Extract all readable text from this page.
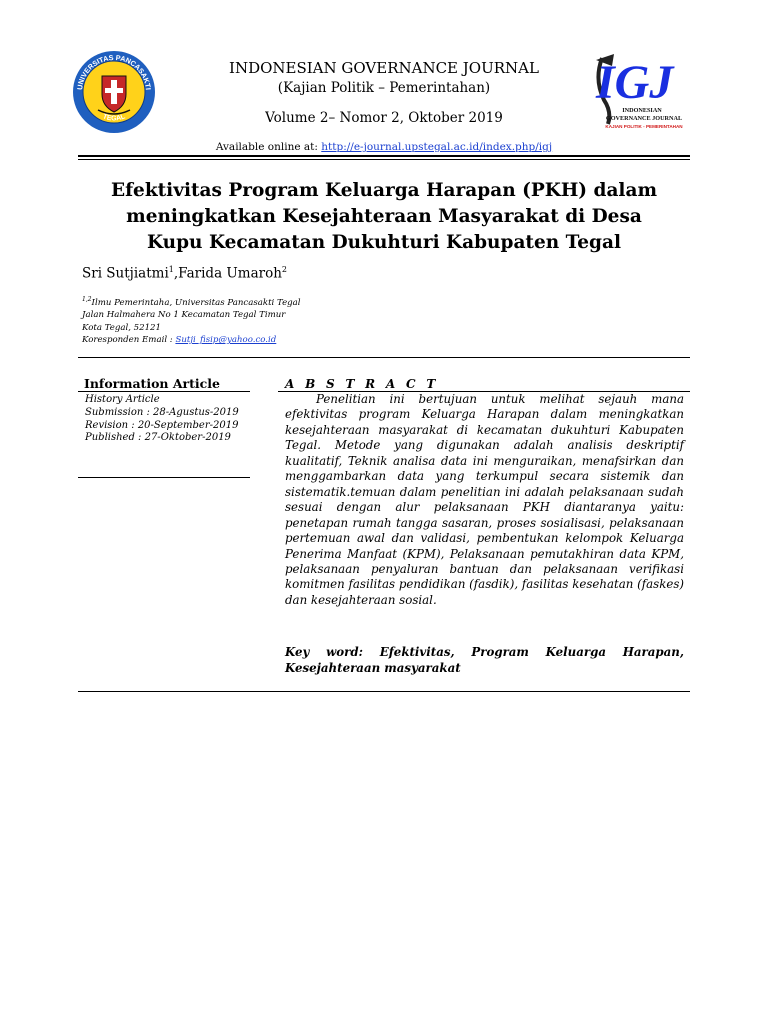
UNIVERSITAS PANCASAKTI
TEGAL
IGJ
INDONESIAN
GOVERNANCE JOURNAL
KAJIAN POLITIK - PEMERINTAHAN
INDONESIAN GOVERNANCE JOURNAL
(Kajian Politik – Pemerintahan)
Volume 2– Nomor 2, Oktober 2019
Available online at: http://e-journal.upstegal.ac.id/index.php/igj
Efektivitas Program Keluarga Harapan (PKH) dalam meningkatkan Kesejahteraan Masyarakat di Desa Kupu Kecamatan Dukuhturi Kabupaten Tegal
Sri Sutjiatmi$^1$,Farida Umaroh$^2$
$^{1,2}$Ilmu Pemerintaha, Universitas Pancasakti Tegal
Jalan Halmahera No 1 Kecamatan Tegal Timur
Kota Tegal, 52121
Koresponden Email : Sutji_fisip@yahoo.co.id
Information Article
History Article
Submission : 28-Agustus-2019
Revision : 20-September-2019
Published : 27-Oktober-2019
A B S T R A C T
Penelitian ini bertujuan untuk melihat sejauh mana efektivitas program Keluarga Harapan dalam meningkatkan kesejahteraan masyarakat di kecamatan dukuhturi Kabupaten Tegal. Metode yang digunakan adalah analisis deskriptif kualitatif, Teknik analisa data ini menguraikan, menafsirkan dan menggambarkan data yang terkumpul secara sistemik dan sistematik.temuan dalam penelitian ini adalah pelaksanaan sudah sesuai dengan alur pelaksanaan PKH diantaranya yaitu: penetapan rumah tangga sasaran, proses sosialisasi, pelaksanaan pertemuan awal dan validasi, pembentukan kelompok Keluarga Penerima Manfaat (KPM), Pelaksanaan pemutakhiran data KPM, pelaksanaan penyaluran bantuan dan pelaksanaan verifikasi komitmen fasilitas pendidikan (fasdik), fasilitas kesehatan (faskes) dan kesejahteraan sosial.
Key word: Efektivitas, Program Keluarga Harapan, Kesejahteraan masyarakat
